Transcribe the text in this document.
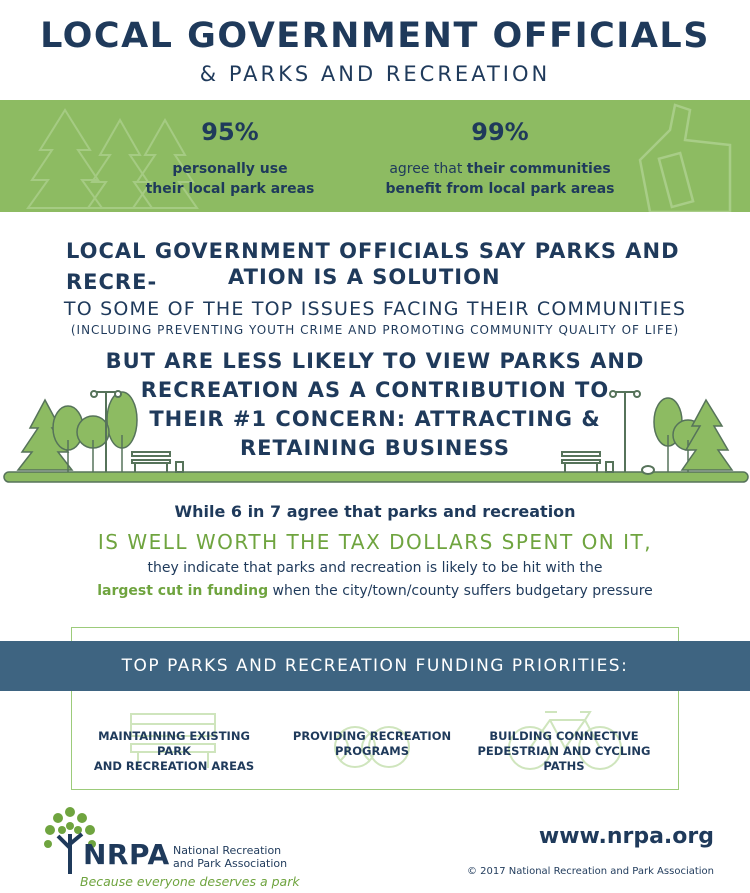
LOCAL GOVERNMENT OFFICIALS
& PARKS AND RECREATION
95%
personally use
their local park areas
99%
agree that their communities
benefit from local park areas
LOCAL GOVERNMENT OFFICIALS SAY PARKS AND RECRE-	ATION IS A SOLUTION
TO SOME OF THE TOP ISSUES FACING THEIR COMMUNITIES
(INCLUDING PREVENTING YOUTH CRIME AND PROMOTING COMMUNITY QUALITY OF LIFE)
BUT ARE LESS LIKELY TO VIEW PARKS AND
RECREATION AS A CONTRIBUTION TO
THEIR #1 CONCERN: ATTRACTING &
RETAINING BUSINESS
While 6 in 7 agree that parks and recreation
IS WELL WORTH THE TAX DOLLARS SPENT ON IT,
they indicate that parks and recreation is likely to be hit with the
largest cut in funding when the city/town/county suffers budgetary pressure
TOP PARKS AND RECREATION FUNDING PRIORITIES:
MAINTAINING EXISTING PARK
AND RECREATION AREAS
PROVIDING RECREATION
PROGRAMS
BUILDING CONNECTIVE
PEDESTRIAN AND CYCLING PATHS
NRPA National Recreation
and Park Association
Because everyone deserves a park
www.nrpa.org
© 2017 National Recreation and Park Association
